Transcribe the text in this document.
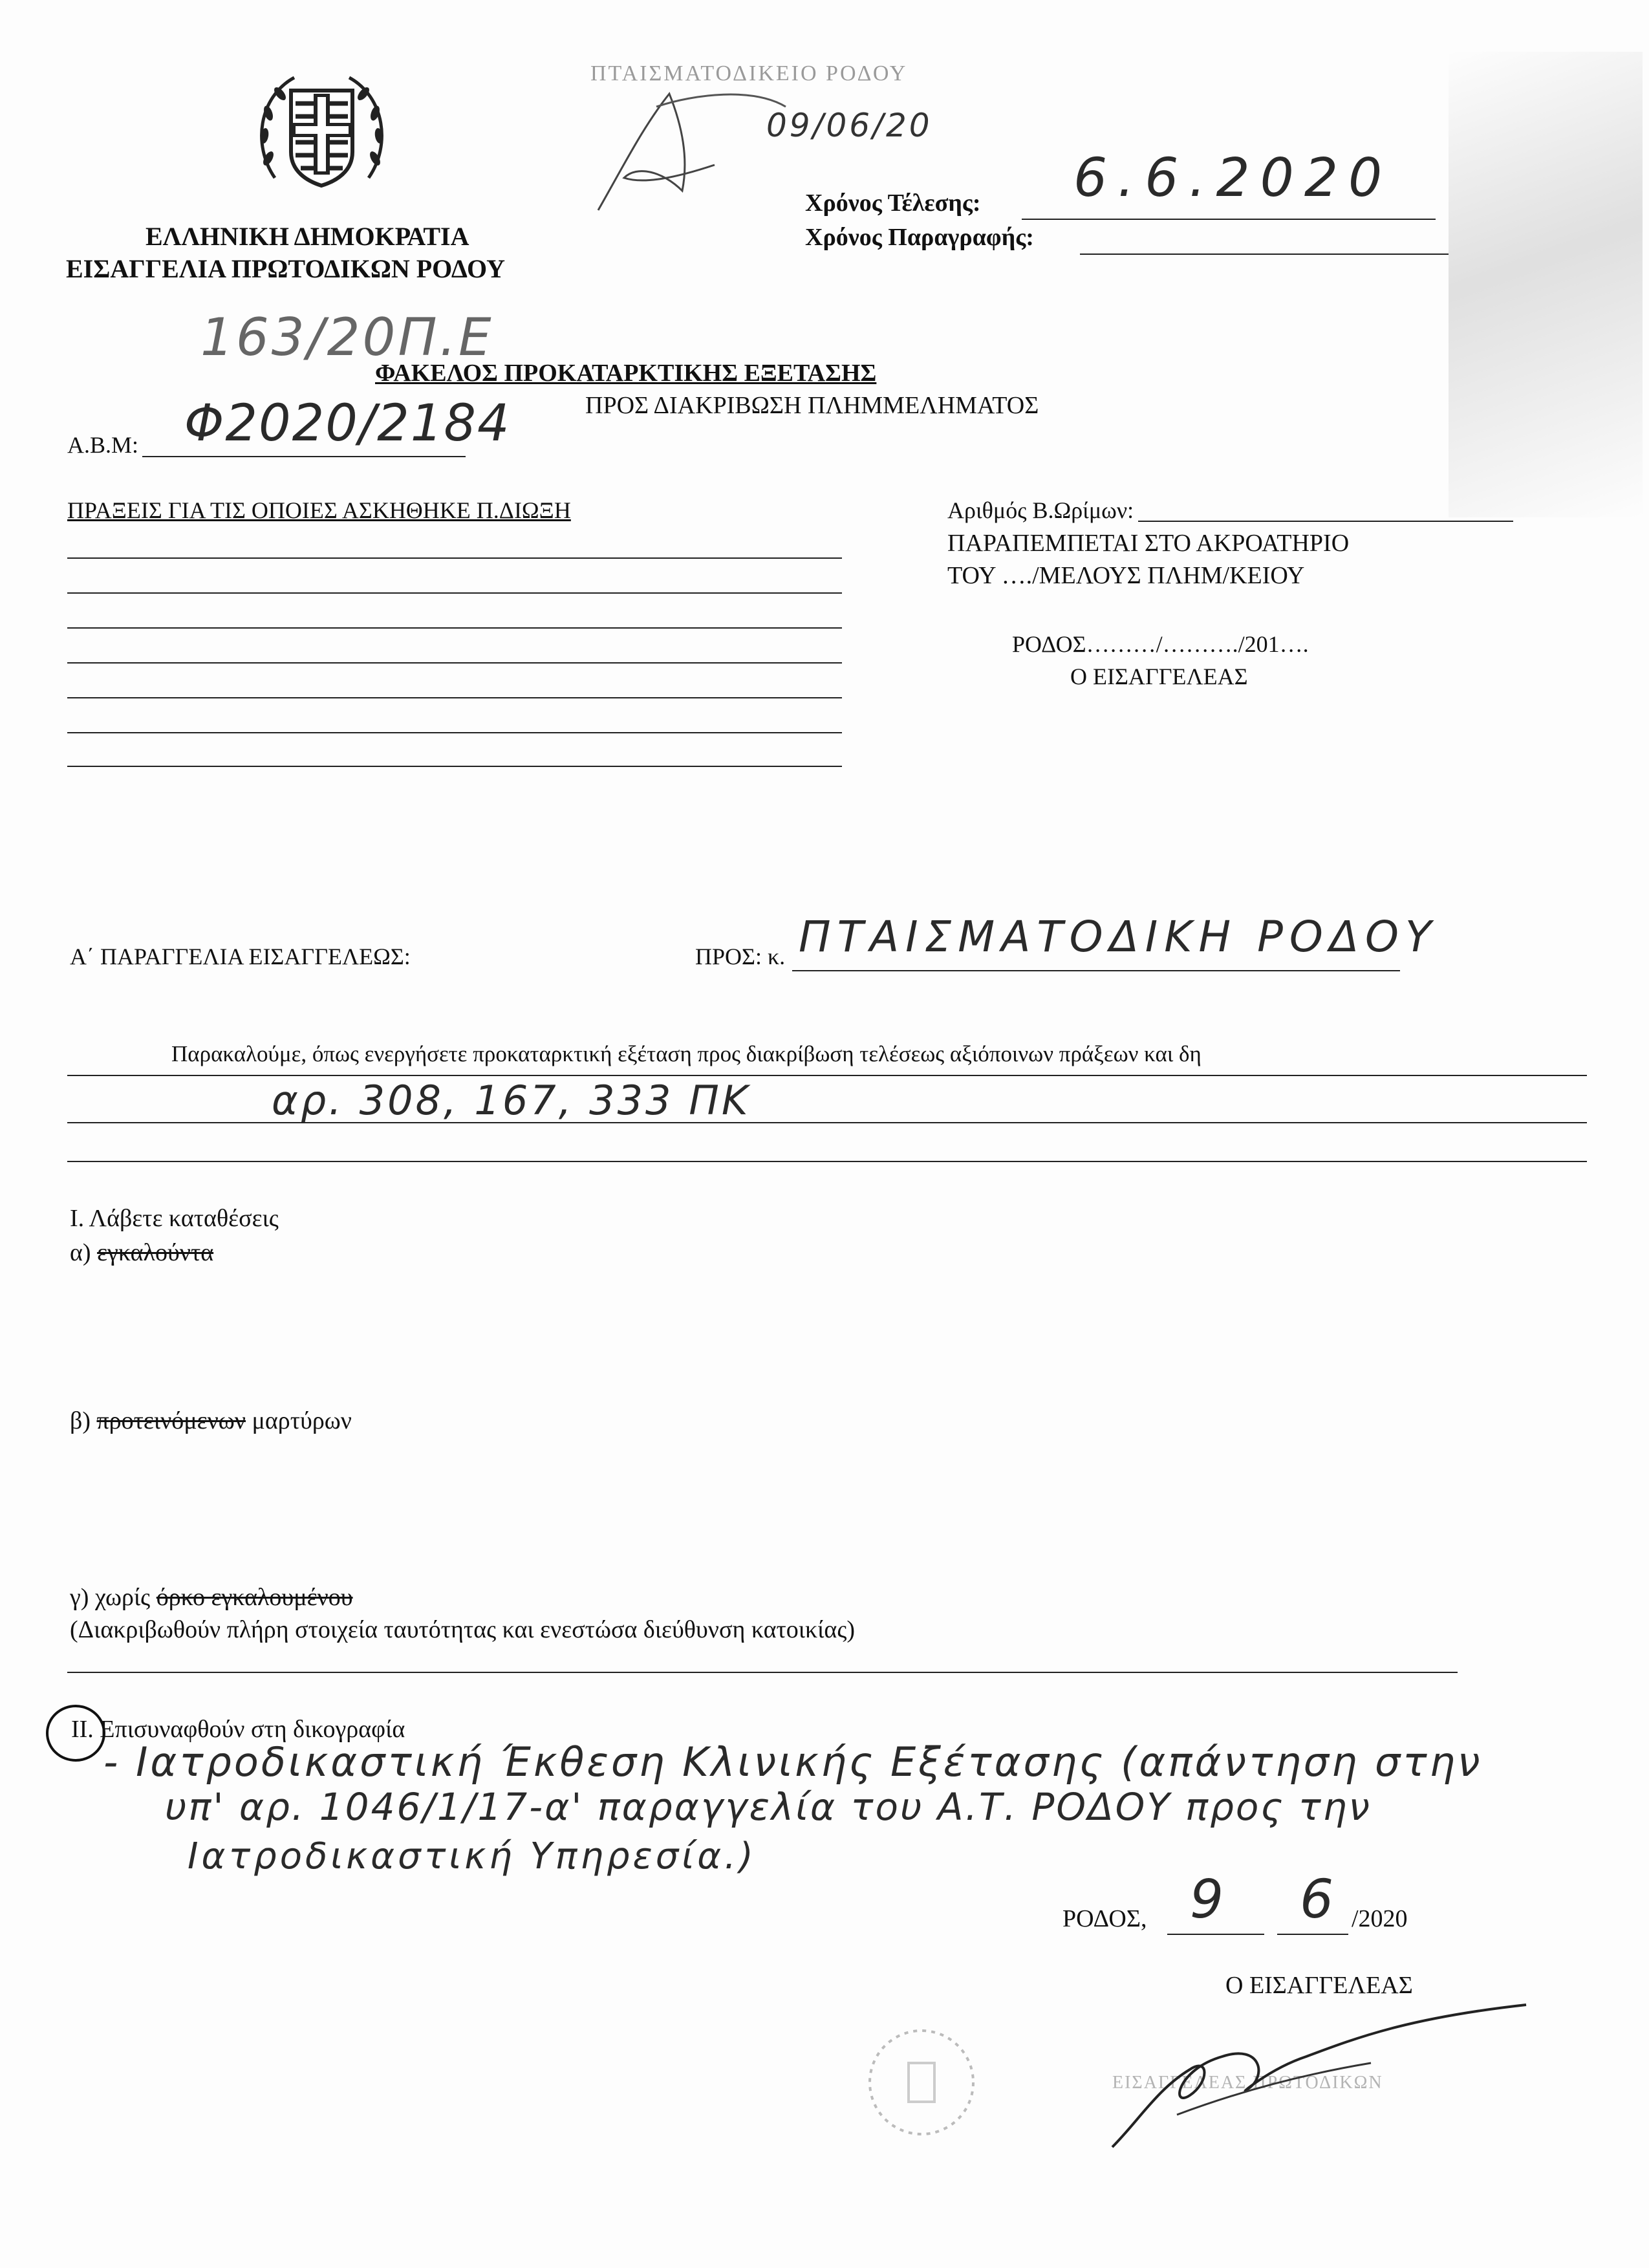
ΕΛΛΗΝΙΚΗ ΔΗΜΟΚΡΑΤΙΑ
ΕΙΣΑΓΓΕΛΙΑ ΠΡΩΤΟΔΙΚΩΝ ΡΟΔΟΥ
ΠΤΑΙΣΜΑΤΟΔΙΚΕΙΟ ΡΟΔΟΥ
09/06/20
Χρόνος Τέλεσης: 6.6.2020
Χρόνος Παραγραφής:
163/20Π.Ε
ΦΑΚΕΛΟΣ ΠΡΟΚΑΤΑΡΚΤΙΚΗΣ ΕΞΕΤΑΣΗΣ
ΠΡΟΣ ΔΙΑΚΡΙΒΩΣΗ ΠΛΗΜΜΕΛΗΜΑΤΟΣ
Α.Β.Μ: Φ2020/2184
ΠΡΑΞΕΙΣ ΓΙΑ ΤΙΣ ΟΠΟΙΕΣ ΑΣΚΗΘΗΚΕ Π.ΔΙΩΞΗ	Αριθμός Β.Ωρίμων:
ΠΑΡΑΠΕΜΠΕΤΑΙ ΣΤΟ ΑΚΡΟΑΤΗΡΙΟ
ΤΟΥ …./ΜΕΛΟΥΣ ΠΛΗΜ/ΚΕΙΟΥ
ΡΟΔΟΣ………/………./201….
Ο ΕΙΣΑΓΓΕΛΕΑΣ
Α΄ ΠΑΡΑΓΓΕΛΙΑ ΕΙΣΑΓΓΕΛΕΩΣ:	ΠΡΟΣ: κ. ΠΤΑΙΣΜΑΤΟΔΙΚΗ ΡΟΔΟΥ
Παρακαλούμε, όπως ενεργήσετε προκαταρκτική εξέταση προς διακρίβωση τελέσεως αξιόποινων πράξεων και δη
αρ. 308, 167, 333 ΠΚ
Ι. Λάβετε καταθέσεις
α) εγκαλούντα
β) προτεινόμενων μαρτύρων
γ) χωρίς όρκο εγκαλουμένου
(Διακριβωθούν πλήρη στοιχεία ταυτότητας και ενεστώσα διεύθυνση κατοικίας)
ΙΙ. Επισυναφθούν στη δικογραφία
- Ιατροδικαστική Έκθεση Κλινικής Εξέτασης (απάντηση στην
υπ' αρ. 1046/1/17-α' παραγγελία του Α.Τ. ΡΟΔΟΥ προς την
Ιατροδικαστική Υπηρεσία.)
ΡΟΔΟΣ, 9 6 /2020
Ο ΕΙΣΑΓΓΕΛΕΑΣ
ΕΙΣΑΓΓΕΛΕΑΣ ΠΡΩΤΟΔΙΚΩΝ
